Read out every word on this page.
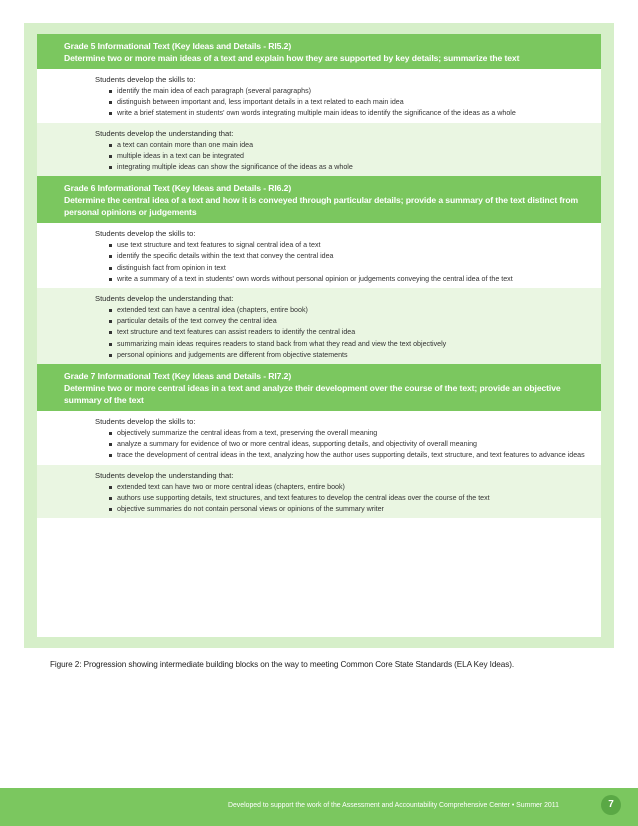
Grade 5 Informational Text (Key Ideas and Details - RI5.2)
Determine two or more main ideas of a text and explain how they are supported by key details; summarize the text
Students develop the skills to:
identify the main idea of each paragraph (several paragraphs)
distinguish between important and, less important details in a text related to each main idea
write a brief statement in students' own words integrating multiple main ideas to identify the significance of the ideas as a whole
Students develop the understanding that:
a text can contain more than one main idea
multiple ideas in a text can be integrated
integrating multiple ideas can show the significance of the ideas as a whole
Grade 6 Informational Text (Key Ideas and Details - RI6.2)
Determine the central idea of a text and how it is conveyed through particular details; provide a summary of the text distinct from personal opinions or judgements
Students develop the skills to:
use text structure and text features to signal central idea of a text
identify the specific details within the text that convey the central idea
distinguish fact from opinion in text
write a summary of a text in students' own words without personal opinion or judgements conveying the central idea of the text
Students develop the understanding that:
extended text can have a central idea (chapters, entire book)
particular details of the text convey the central idea
text structure and text features can assist readers to identify the central idea
summarizing main ideas requires readers to stand back from what they read and view the text objectively
personal opinions and judgements are different from objective statements
Grade 7 Informational Text (Key Ideas and Details - RI7.2)
Determine two or more central ideas in a text and analyze their development over the course of the text; provide an objective summary of the text
Students develop the skills to:
objectively summarize the central ideas from a text, preserving the overall meaning
analyze a summary for evidence of two or more central ideas, supporting details, and objectivity of overall meaning
trace the development of central ideas in the text, analyzing how the author uses supporting details, text structure, and text features to advance ideas
Students develop the understanding that:
extended text can have two or more central ideas (chapters, entire book)
authors use supporting details, text structures, and text features to develop the central ideas over the course of the text
objective summaries do not contain personal views or opinions of the summary writer
Figure 2: Progression showing intermediate building blocks on the way to meeting Common Core State Standards (ELA Key Ideas).
Developed to support the work of the Assessment and Accountability Comprehensive Center • Summer 2011	7
